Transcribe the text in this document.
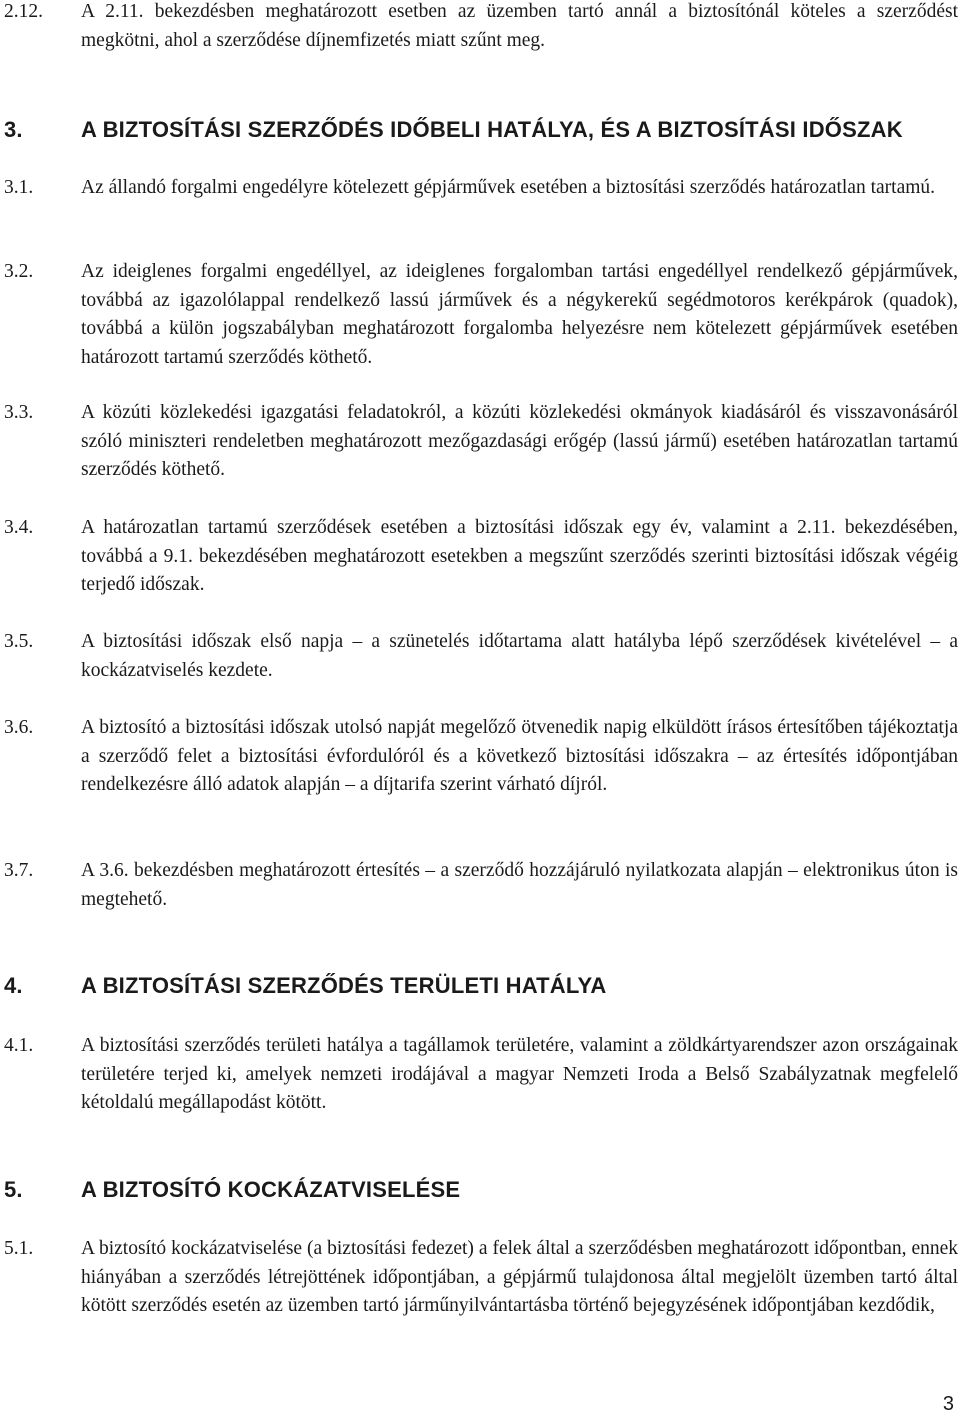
2.12.	A 2.11. bekezdésben meghatározott esetben az üzemben tartó annál a biztosítónál köteles a szerződést megkötni, ahol a szerződése díjnemfizetés miatt szűnt meg.
3.	A BIZTOSÍTÁSI SZERZŐDÉS IDŐBELI HATÁLYA, ÉS A BIZTOSÍTÁSI IDŐSZAK
3.1.	Az állandó forgalmi engedélyre kötelezett gépjárművek esetében a biztosítási szerződés határozatlan tartamú.
3.2.	Az ideiglenes forgalmi engedéllyel, az ideiglenes forgalomban tartási engedéllyel rendelkező gépjárművek, továbbá az igazolólappal rendelkező lassú járművek és a négykerekű segédmotoros kerékpárok (quadok), továbbá a külön jogszabályban meghatározott forgalomba helyezésre nem kötelezett gépjárművek esetében határozott tartamú szerződés köthető.
3.3.	A közúti közlekedési igazgatási feladatokról, a közúti közlekedési okmányok kiadásáról és visszavonásáról szóló miniszteri rendeletben meghatározott mezőgazdasági erőgép (lassú jármű) esetében határozatlan tartamú szerződés köthető.
3.4.	A határozatlan tartamú szerződések esetében a biztosítási időszak egy év, valamint a 2.11. bekezdésében, továbbá a 9.1. bekezdésében meghatározott esetekben a megszűnt szerződés szerinti biztosítási időszak végéig terjedő időszak.
3.5.	A biztosítási időszak első napja – a szünetelés időtartama alatt hatályba lépő szerződések kivételével – a kockázatviselés kezdete.
3.6.	A biztosító a biztosítási időszak utolsó napját megelőző ötvenedik napig elküldött írásos értesítőben tájékoztatja a szerződő felet a biztosítási évfordulóról és a következő biztosítási időszakra – az értesítés időpontjában rendelkezésre álló adatok alapján – a díjtarifa szerint várható díjról.
3.7.	A 3.6. bekezdésben meghatározott értesítés – a szerződő hozzájáruló nyilatkozata alapján – elektronikus úton is megtehető.
4.	A BIZTOSÍTÁSI SZERZŐDÉS TERÜLETI HATÁLYA
4.1.	A biztosítási szerződés területi hatálya a tagállamok területére, valamint a zöldkártyarendszer azon országainak területére terjed ki, amelyek nemzeti irodájával a magyar Nemzeti Iroda a Belső Szabályzatnak megfelelő kétoldalú megállapodást kötött.
5.	A BIZTOSÍTÓ KOCKÁZATVISELÉSE
5.1.	A biztosító kockázatviselése (a biztosítási fedezet) a felek által a szerződésben meghatározott időpontban, ennek hiányában a szerződés létrejöttének időpontjában, a gépjármű tulajdonosa által megjelölt üzemben tartó által kötött szerződés esetén az üzemben tartó járműnyilvántartásba történő bejegyzésének időpontjában kezdődik,
3
